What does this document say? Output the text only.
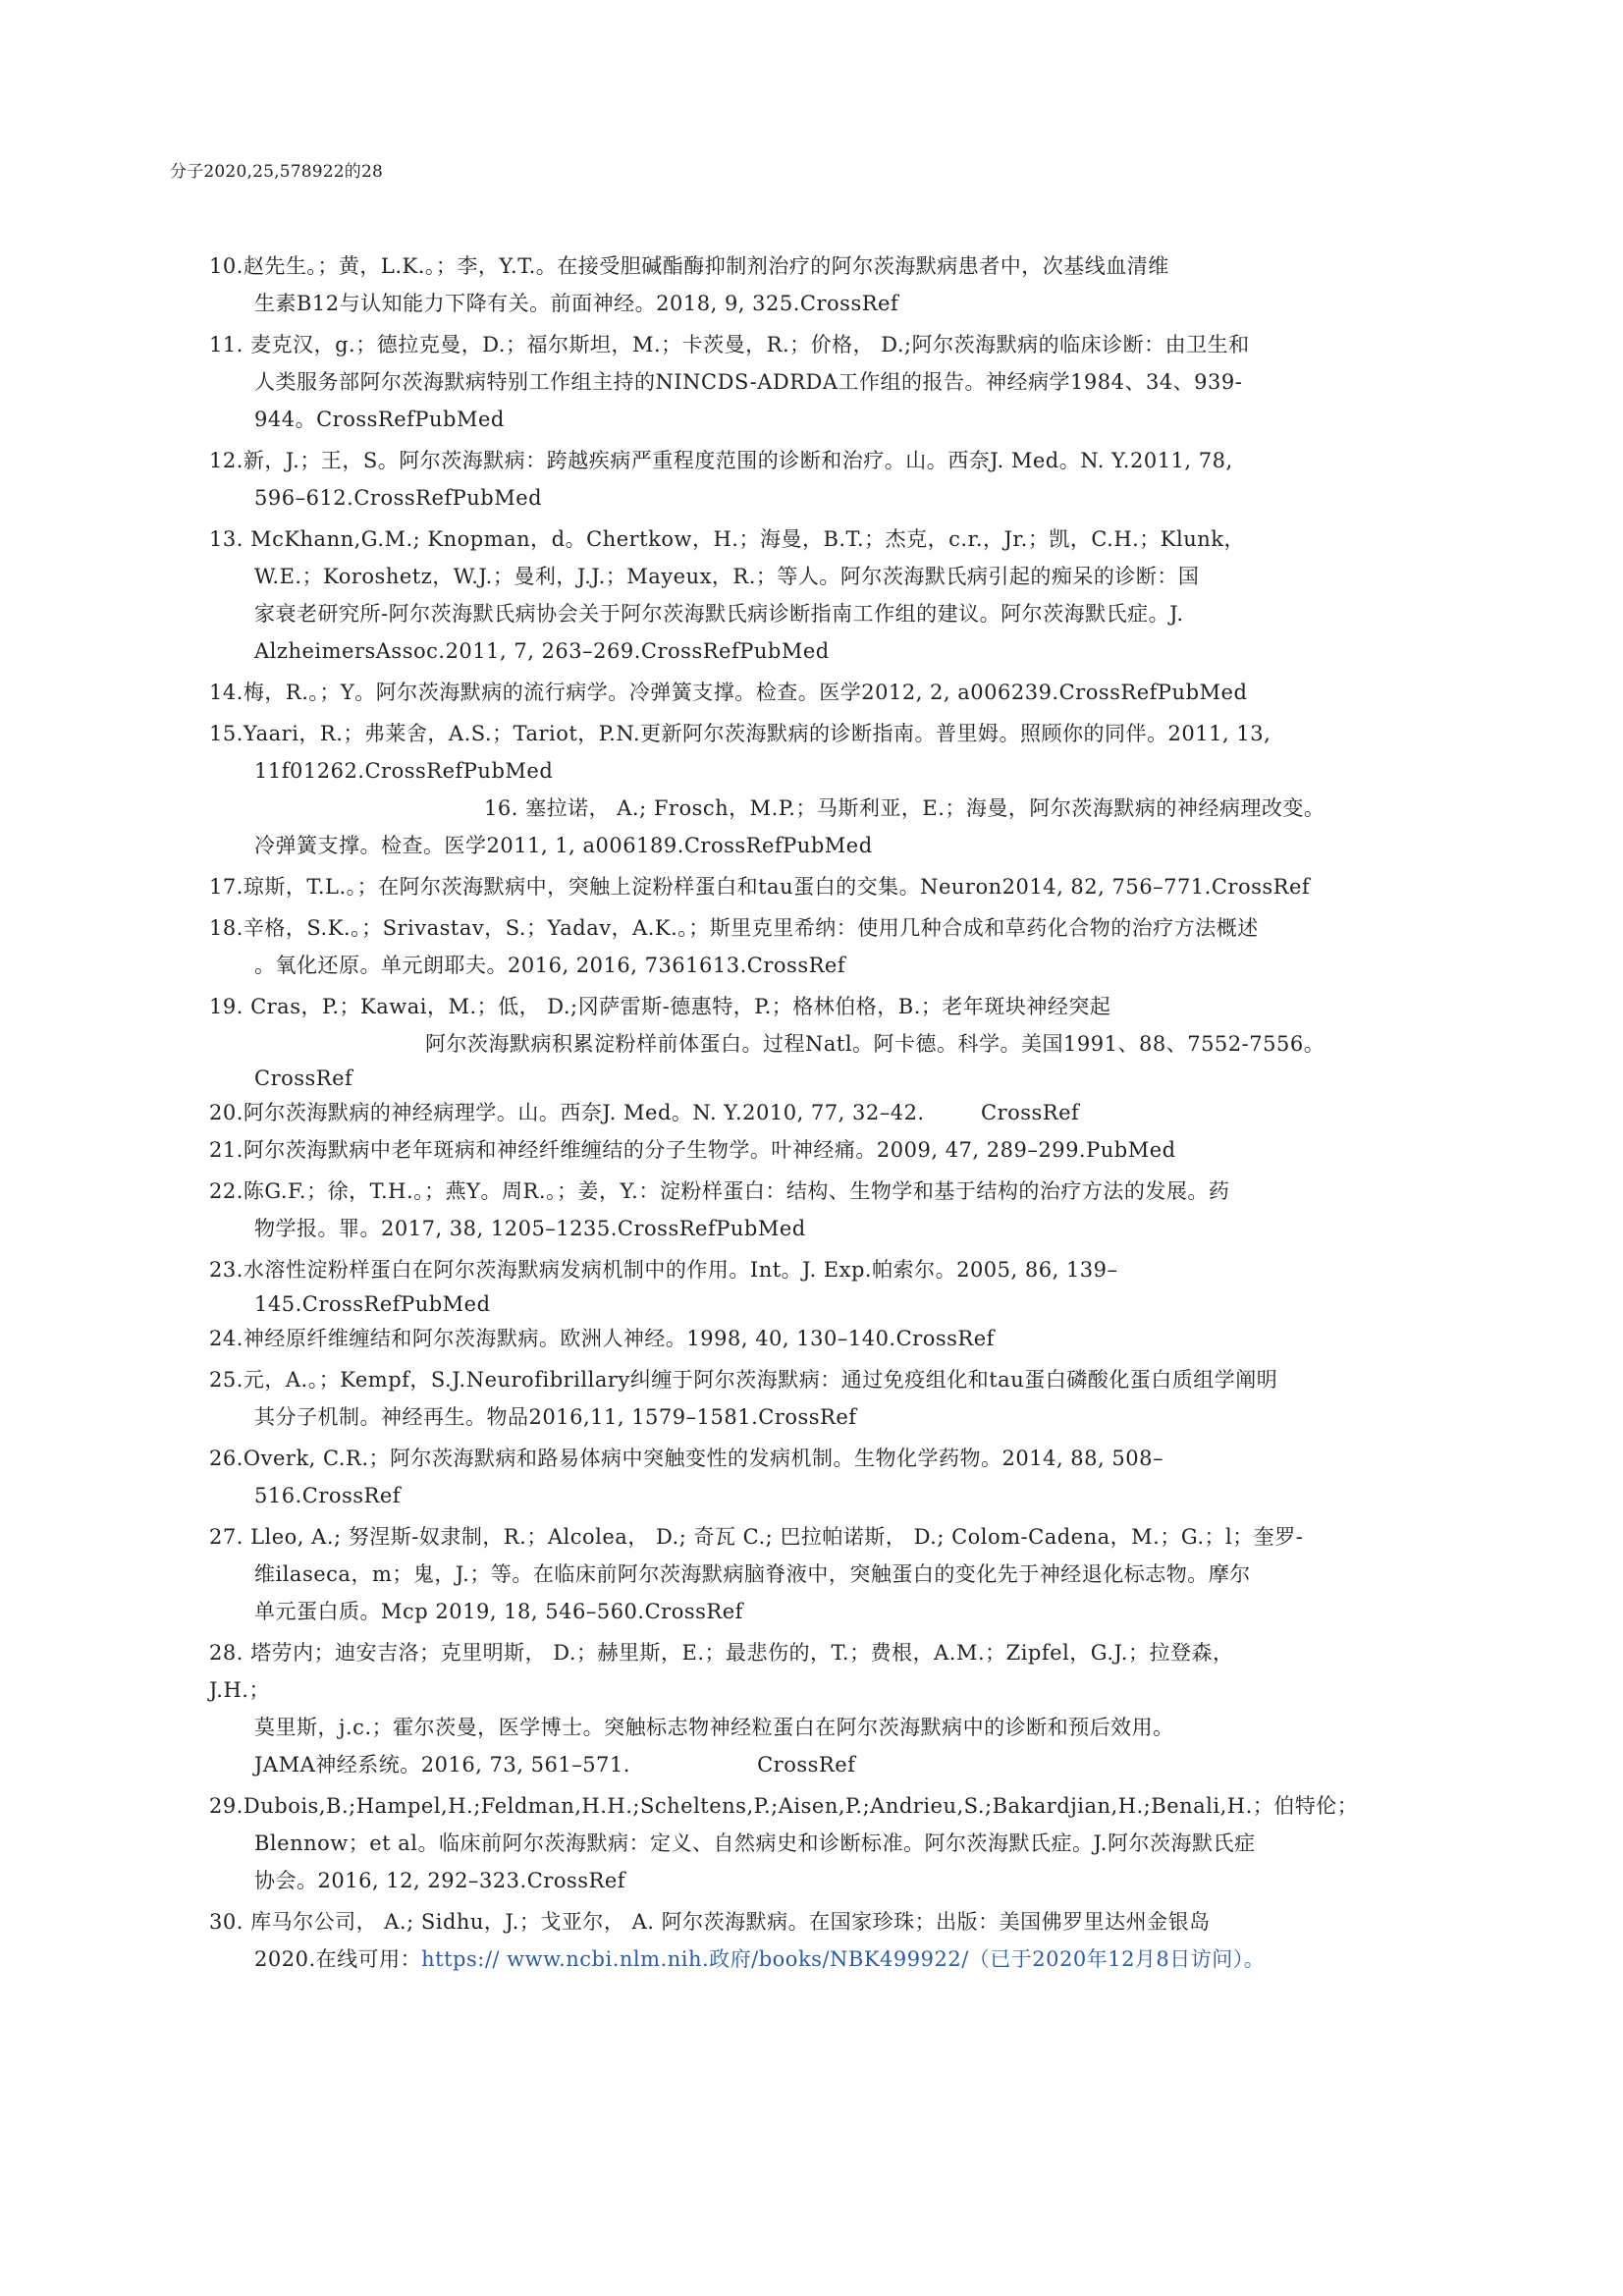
分子2020,25,578922的28
10.赵先生。；黄，L.K.。；李，Y.T.。在接受胆碱酯酶抑制剂治疗的阿尔茨海默病患者中，次基线血清维
生素B12与认知能力下降有关。前面神经。2018, 9, 325.CrossRef
11. 麦克汉，g.；德拉克曼，D.；福尔斯坦，M.；卡茨曼，R.；价格， D.;阿尔茨海默病的临床诊断：由卫生和
人类服务部阿尔茨海默病特别工作组主持的NINCDS-ADRDA工作组的报告。神经病学1984、34、939-
944。CrossRefPubMed
12.新，J.；王，S。阿尔茨海默病：跨越疾病严重程度范围的诊断和治疗。山。西奈J. Med。N. Y.2011, 78,
596–612.CrossRefPubMed
13. McKhann,G.M.; Knopman，d。Chertkow，H.；海曼，B.T.；杰克，c.r.，Jr.；凯，C.H.；Klunk，
W.E.；Koroshetz，W.J.；曼利，J.J.；Mayeux，R.；等人。阿尔茨海默氏病引起的痴呆的诊断：国
家衰老研究所-阿尔茨海默氏病协会关于阿尔茨海默氏病诊断指南工作组的建议。阿尔茨海默氏症。J.
AlzheimersAssoc.2011, 7, 263–269.CrossRefPubMed
14.梅，R.。；Y。阿尔茨海默病的流行病学。冷弹簧支撑。检查。医学2012, 2, a006239.CrossRefPubMed
15.Yaari，R.；弗莱舍，A.S.；Tariot，P.N.更新阿尔茨海默病的诊断指南。普里姆。照顾你的同伴。2011, 13,
11f01262.CrossRefPubMed
16. 塞拉诺， A.; Frosch，M.P.；马斯利亚，E.；海曼，阿尔茨海默病的神经病理改变。
冷弹簧支撑。检查。医学2011, 1, a006189.CrossRefPubMed
17.琼斯，T.L.。；在阿尔茨海默病中，突触上淀粉样蛋白和tau蛋白的交集。Neuron2014, 82, 756–771.CrossRef
18.辛格，S.K.。；Srivastav，S.；Yadav，A.K.。；斯里克里希纳：使用几种合成和草药化合物的治疗方法概述
。氧化还原。单元朗耶夫。2016, 2016, 7361613.CrossRef
19. Cras，P.；Kawai，M.；低， D.;冈萨雷斯-德惠特，P.；格林伯格，B.；老年斑块神经突起
阿尔茨海默病积累淀粉样前体蛋白。过程Natl。阿卡德。科学。美国1991、88、7552-7556。
CrossRef
20.阿尔茨海默病的神经病理学。山。西奈J. Med。N. Y.2010, 77, 32–42.        CrossRef
21.阿尔茨海默病中老年斑病和神经纤维缠结的分子生物学。叶神经痛。2009, 47, 289–299.PubMed
22.陈G.F.；徐，T.H.。；燕Y。周R.。；姜，Y.：淀粉样蛋白：结构、生物学和基于结构的治疗方法的发展。药
物学报。罪。2017, 38, 1205–1235.CrossRefPubMed
23.水溶性淀粉样蛋白在阿尔茨海默病发病机制中的作用。Int。J. Exp.帕索尔。2005, 86, 139–
145.CrossRefPubMed
24.神经原纤维缠结和阿尔茨海默病。欧洲人神经。1998, 40, 130–140.CrossRef
25.元，A.。；Kempf，S.J.Neurofibrillary纠缠于阿尔茨海默病：通过免疫组化和tau蛋白磷酸化蛋白质组学阐明
其分子机制。神经再生。物品2016,11, 1579–1581.CrossRef
26.Overk, C.R.；阿尔茨海默病和路易体病中突触变性的发病机制。生物化学药物。2014, 88, 508–
516.CrossRef
27. Lleo, A.; 努涅斯-奴隶制，R.；Alcolea， D.; 奇瓦 C.; 巴拉帕诺斯， D.; Colom-Cadena，M.；G.；l；奎罗-
维ilaseca，m；鬼，J.；等。在临床前阿尔茨海默病脑脊液中，突触蛋白的变化先于神经退化标志物。摩尔
单元蛋白质。Mcp 2019, 18, 546–560.CrossRef
28. 塔劳内；迪安吉洛；克里明斯， D.；赫里斯，E.；最悲伤的，T.；费根，A.M.；Zipfel，G.J.；拉登森，
J.H.；
莫里斯，j.c.；霍尔茨曼，医学博士。突触标志物神经粒蛋白在阿尔茨海默病中的诊断和预后效用。
JAMA神经系统。2016, 73, 561–571.                  CrossRef
29.Dubois,B.;Hampel,H.;Feldman,H.H.;Scheltens,P.;Aisen,P.;Andrieu,S.;Bakardjian,H.;Benali,H.；伯特伦；
Blennow；et al。临床前阿尔茨海默病：定义、自然病史和诊断标准。阿尔茨海默氏症。J.阿尔茨海默氏症
协会。2016, 12, 292–323.CrossRef
30. 库马尔公司， A.; Sidhu，J.；戈亚尔， A. 阿尔茨海默病。在国家珍珠；出版：美国佛罗里达州金银岛
2020.在线可用：https:// www.ncbi.nlm.nih.政府/books/NBK499922/（已于2020年12月8日访问）。
